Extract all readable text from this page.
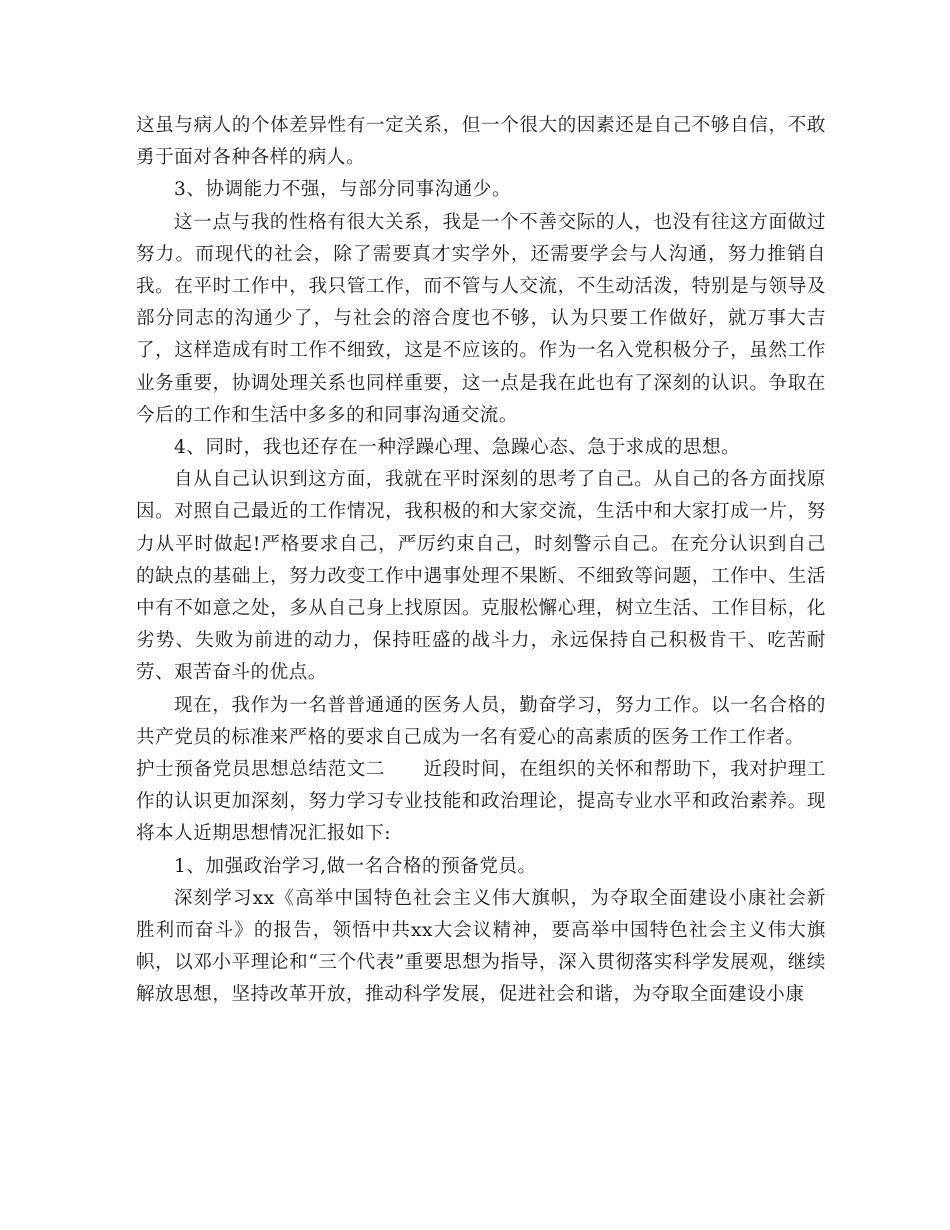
这虽与病人的个体差异性有一定关系，但一个很大的因素还是自己不够自信，不敢勇于面对各种各样的病人。

3、协调能力不强，与部分同事沟通少。

这一点与我的性格有很大关系，我是一个不善交际的人，也没有往这方面做过努力。而现代的社会，除了需要真才实学外，还需要学会与人沟通，努力推销自我。在平时工作中，我只管工作，而不管与人交流，不生动活泼，特别是与领导及部分同志的沟通少了，与社会的溶合度也不够，认为只要工作做好，就万事大吉了，这样造成有时工作不细致，这是不应该的。作为一名入党积极分子，虽然工作业务重要，协调处理关系也同样重要，这一点是我在此也有了深刻的认识。争取在今后的工作和生活中多多的和同事沟通交流。

4、同时，我也还存在一种浮躁心理、急躁心态、急于求成的思想。

自从自己认识到这方面，我就在平时深刻的思考了自己。从自己的各方面找原因。对照自己最近的工作情况，我积极的和大家交流，生活中和大家打成一片，努力从平时做起!严格要求自己，严厉约束自己，时刻警示自己。在充分认识到自己的缺点的基础上，努力改变工作中遇事处理不果断、不细致等问题，工作中、生活中有不如意之处，多从自己身上找原因。克服松懈心理，树立生活、工作目标，化劣势、失败为前进的动力，保持旺盛的战斗力，永远保持自己积极肯干、吃苦耐劳、艰苦奋斗的优点。

现在，我作为一名普普通通的医务人员，勤奋学习，努力工作。以一名合格的共产党员的标准来严格的要求自己成为一名有爱心的高素质的医务工作工作者。

护士预备党员思想总结范文二　　近段时间，在组织的关怀和帮助下，我对护理工作的认识更加深刻，努力学习专业技能和政治理论，提高专业水平和政治素养。现将本人近期思想情况汇报如下:

1、加强政治学习,做一名合格的预备党员。

深刻学习xx《高举中国特色社会主义伟大旗帜，为夺取全面建设小康社会新胜利而奋斗》的报告，领悟中共xx大会议精神，要高举中国特色社会主义伟大旗帜，以邓小平理论和“三个代表”重要思想为指导，深入贯彻落实科学发展观，继续解放思想，坚持改革开放，推动科学发展，促进社会和谐，为夺取全面建设小康
